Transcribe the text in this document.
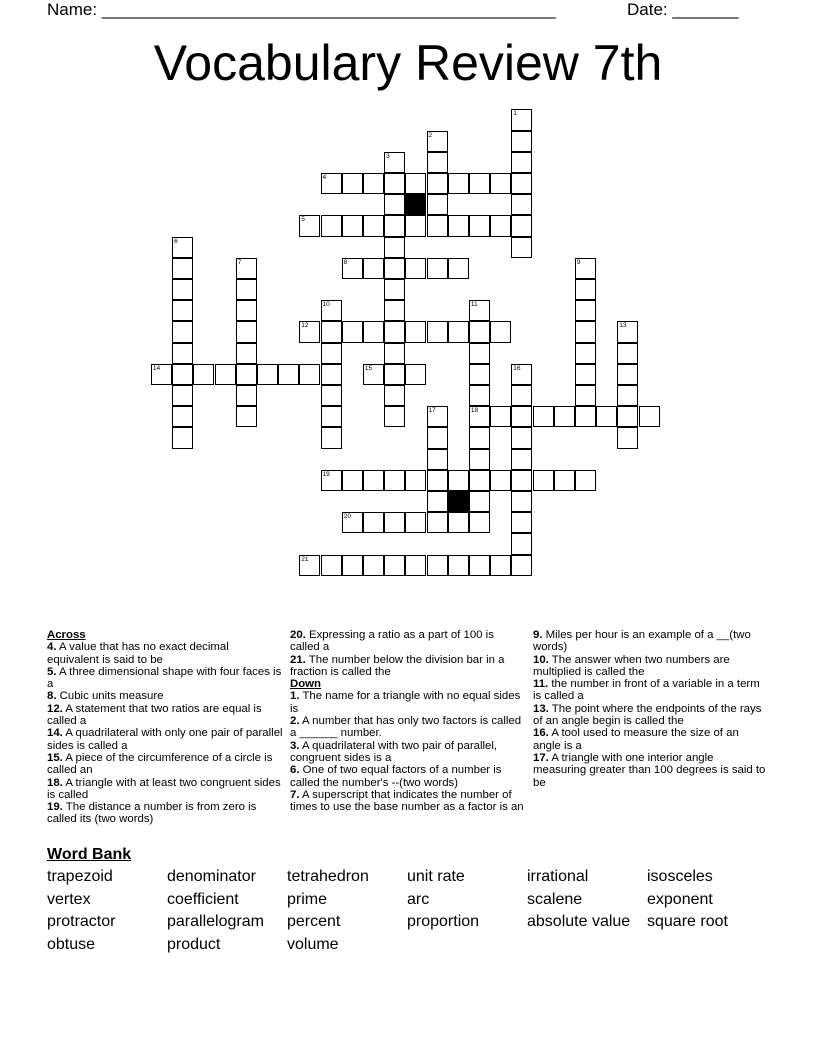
Name: ________________________________________________	Date: _______
Vocabulary Review 7th
1
2
3
4
5
6
7	8	9
10	11
18
12	13
14	15	16
17
19
20
21
Across
4. A value that has no exact decimal equivalent is said to be
5. A three dimensional shape with four faces is a
8. Cubic units measure
12. A statement that two ratios are equal is called a
14. A quadrilateral with only one pair of parallel sides is called a
15. A piece of the circumference of a circle is called an
18. A triangle with at least two congruent sides is called
19. The distance a number is from zero is called its (two words)
20. Expressing a ratio as a part of 100 is called a
21. The number below the division bar in a fraction is called the
Down
1. The name for a triangle with no equal sides is
2. A number that has only two factors is called a ______ number.
3. A quadrilateral with two pair of parallel, congruent sides is a
6. One of two equal factors of a number is called the number's --(two words)
7. A superscript that indicates the number of times to use the base number as a factor is an
9. Miles per hour is an example of a __(two words)
10. The answer when two numbers are multiplied is called the
11. the number in front of a variable in a term is called a
13. The point where the endpoints of the rays of an angle begin is called the
16. A tool used to measure the size of an angle is a
17. A triangle with one interior angle measuring greater than 100 degrees is said to be
Word Bank
trapezoid	denominator	tetrahedron	unit rate	irrational	isosceles
vertex	coefficient	prime	arc	scalene	exponent
protractor	parallelogram	percent	proportion	absolute value	square root
obtuse	product	volume
